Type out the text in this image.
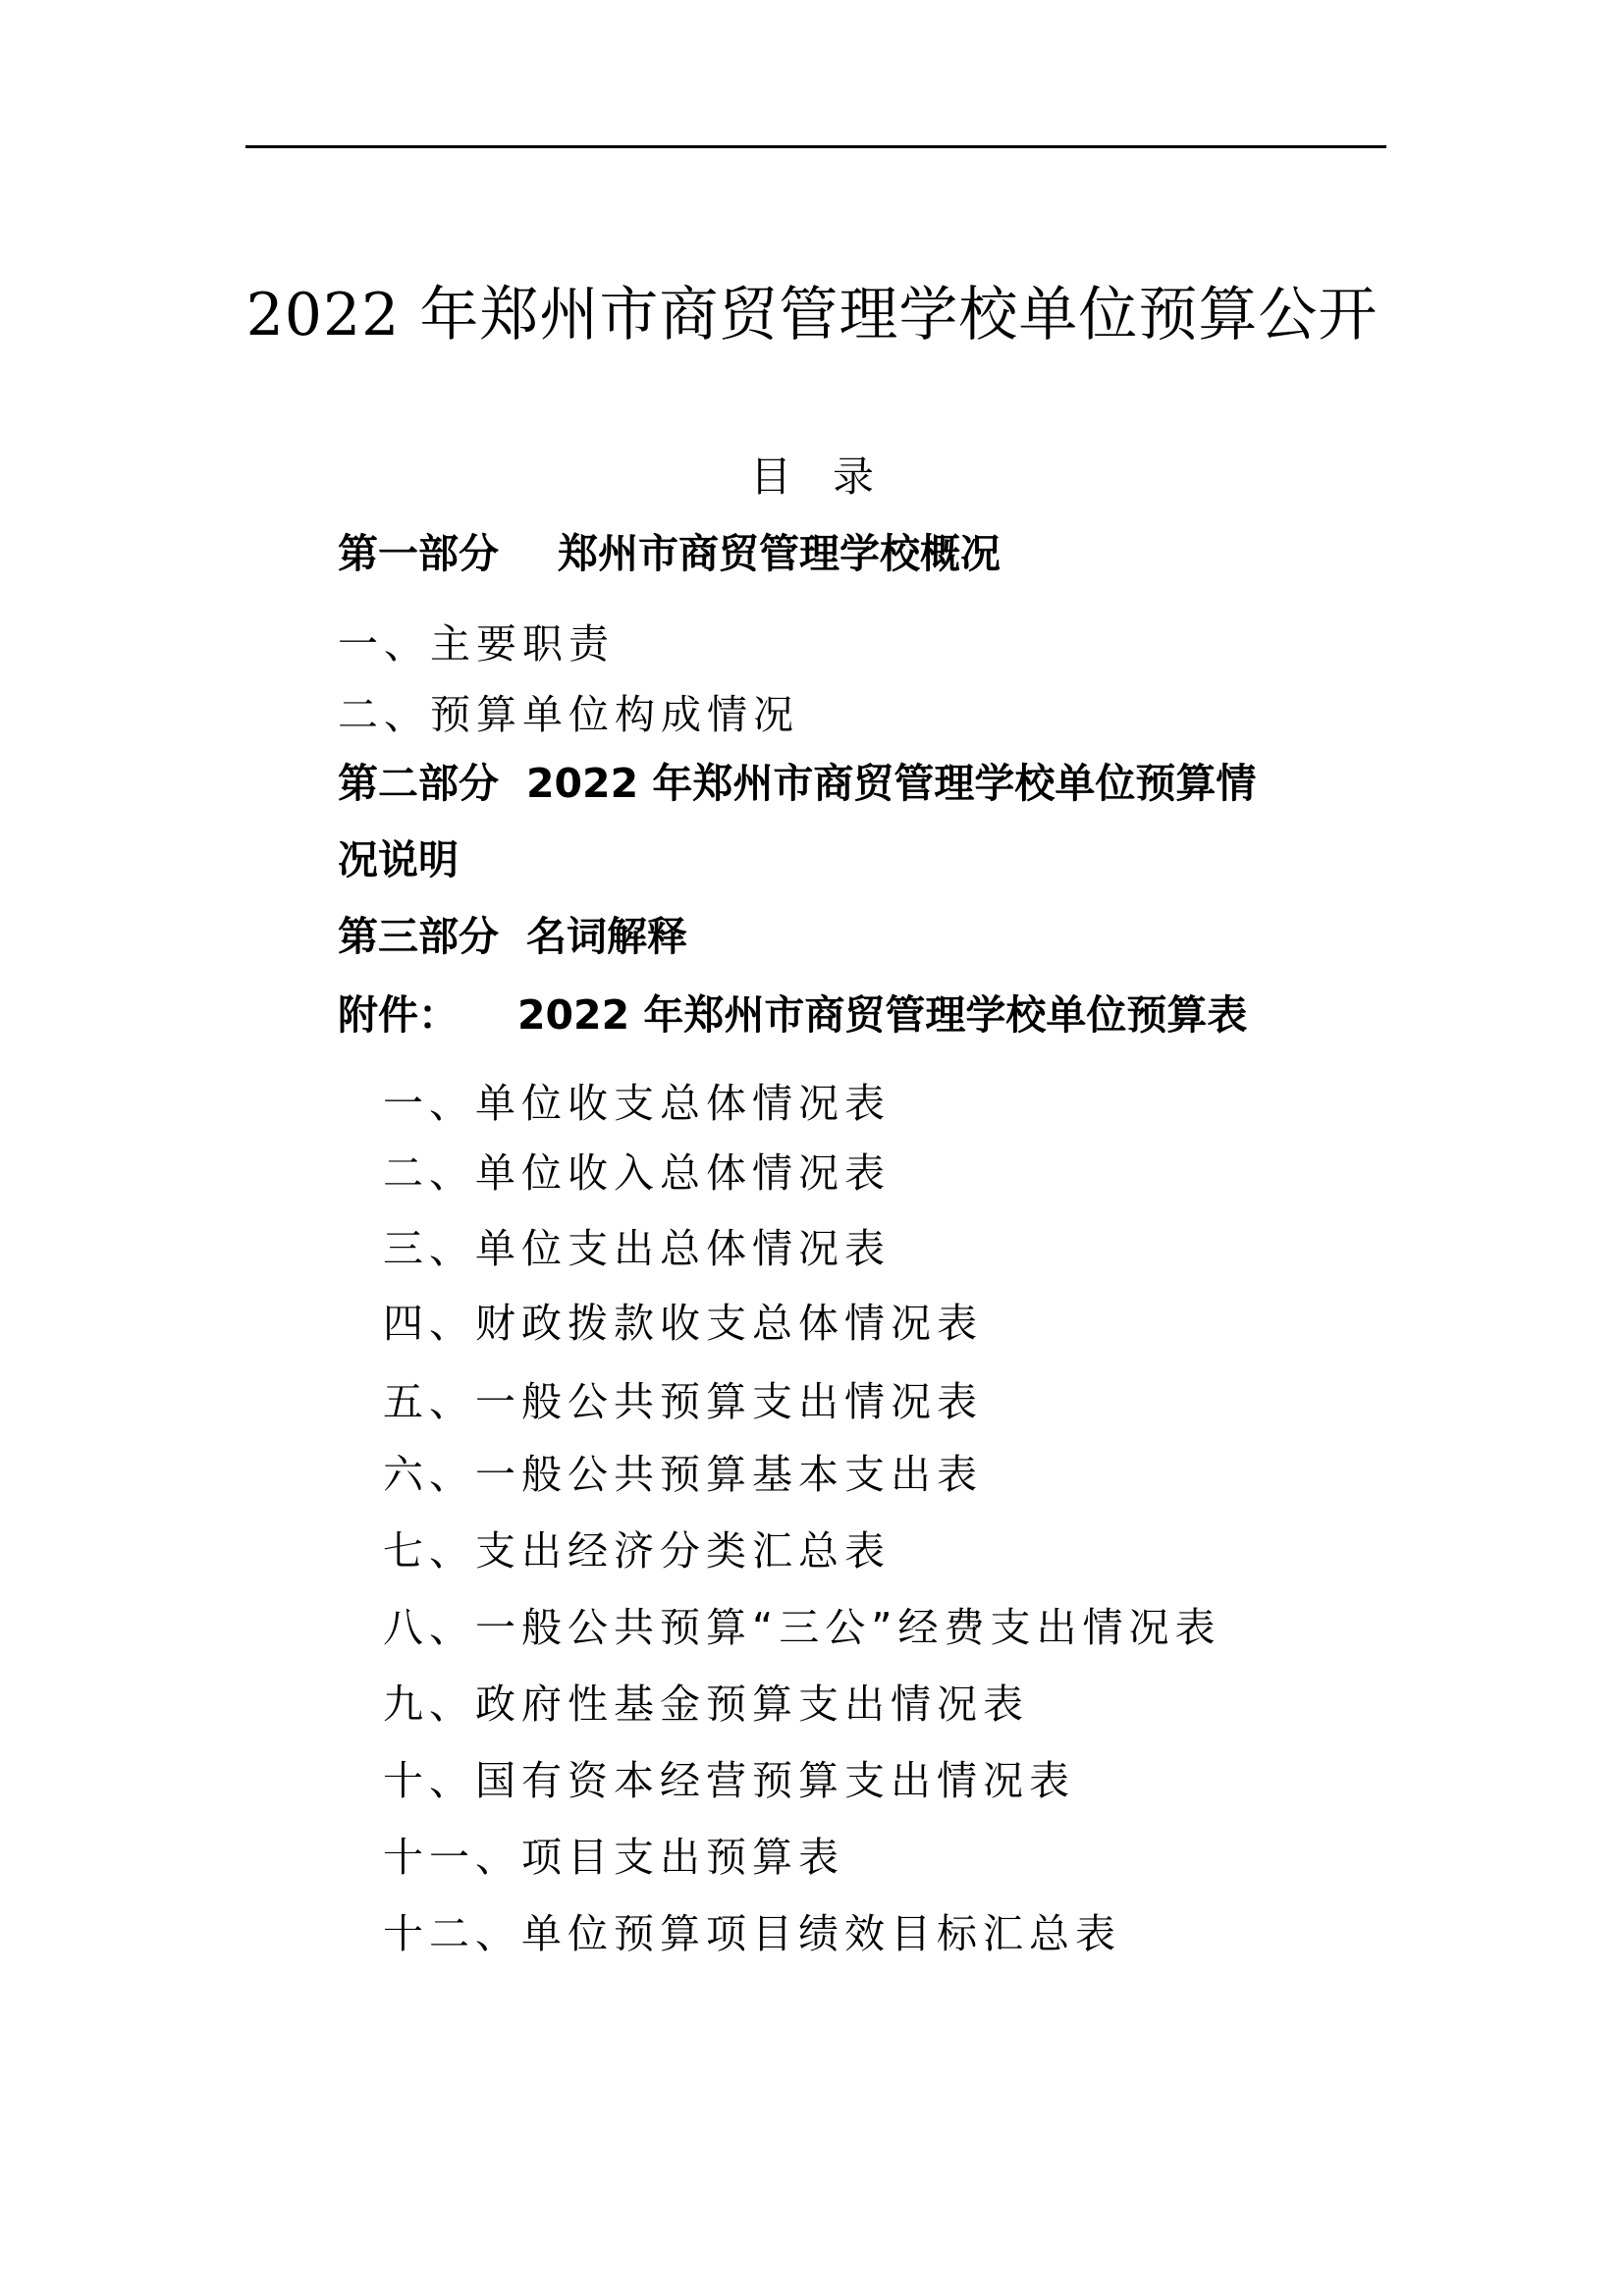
2022 年郑州市商贸管理学校单位预算公开
目　录
第一部分 郑州市商贸管理学校概况
一、主要职责
二、预算单位构成情况
第二部分 2022 年郑州市商贸管理学校单位预算情
况说明
第三部分 名词解释
附件： 2022 年郑州市商贸管理学校单位预算表
一、单位收支总体情况表
二、单位收入总体情况表
三、单位支出总体情况表
四、财政拨款收支总体情况表
五、一般公共预算支出情况表
六、一般公共预算基本支出表
七、支出经济分类汇总表
八、一般公共预算“三公”经费支出情况表
九、政府性基金预算支出情况表
十、国有资本经营预算支出情况表
十一、项目支出预算表
十二、单位预算项目绩效目标汇总表
